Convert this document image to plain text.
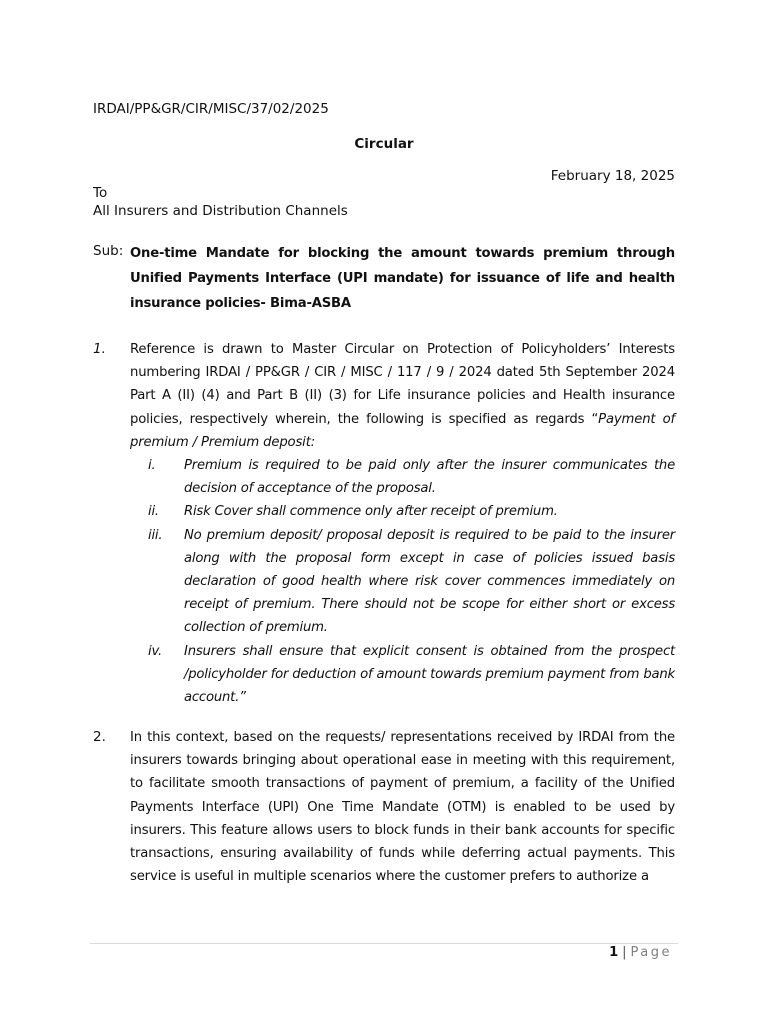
IRDAI/PP&GR/CIR/MISC/37/02/2025
Circular
February 18, 2025
To
All Insurers and Distribution Channels
Sub: One-time Mandate for blocking the amount towards premium through Unified Payments Interface (UPI mandate) for issuance of life and health insurance policies- Bima-ASBA
1. Reference is drawn to Master Circular on Protection of Policyholders’ Interests numbering IRDAI / PP&GR / CIR / MISC / 117 / 9 / 2024 dated 5th September 2024 Part A (II) (4) and Part B (II) (3) for Life insurance policies and Health insurance policies, respectively wherein, the following is specified as regards “Payment of premium / Premium deposit:
i. Premium is required to be paid only after the insurer communicates the decision of acceptance of the proposal.
ii. Risk Cover shall commence only after receipt of premium.
iii. No premium deposit/ proposal deposit is required to be paid to the insurer along with the proposal form except in case of policies issued basis declaration of good health where risk cover commences immediately on receipt of premium. There should not be scope for either short or excess collection of premium.
iv. Insurers shall ensure that explicit consent is obtained from the prospect /policyholder for deduction of amount towards premium payment from bank account.”
2. In this context, based on the requests/ representations received by IRDAI from the insurers towards bringing about operational ease in meeting with this requirement, to facilitate smooth transactions of payment of premium, a facility of the Unified Payments Interface (UPI) One Time Mandate (OTM) is enabled to be used by insurers. This feature allows users to block funds in their bank accounts for specific transactions, ensuring availability of funds while deferring actual payments. This service is useful in multiple scenarios where the customer prefers to authorize a
1 | Page
